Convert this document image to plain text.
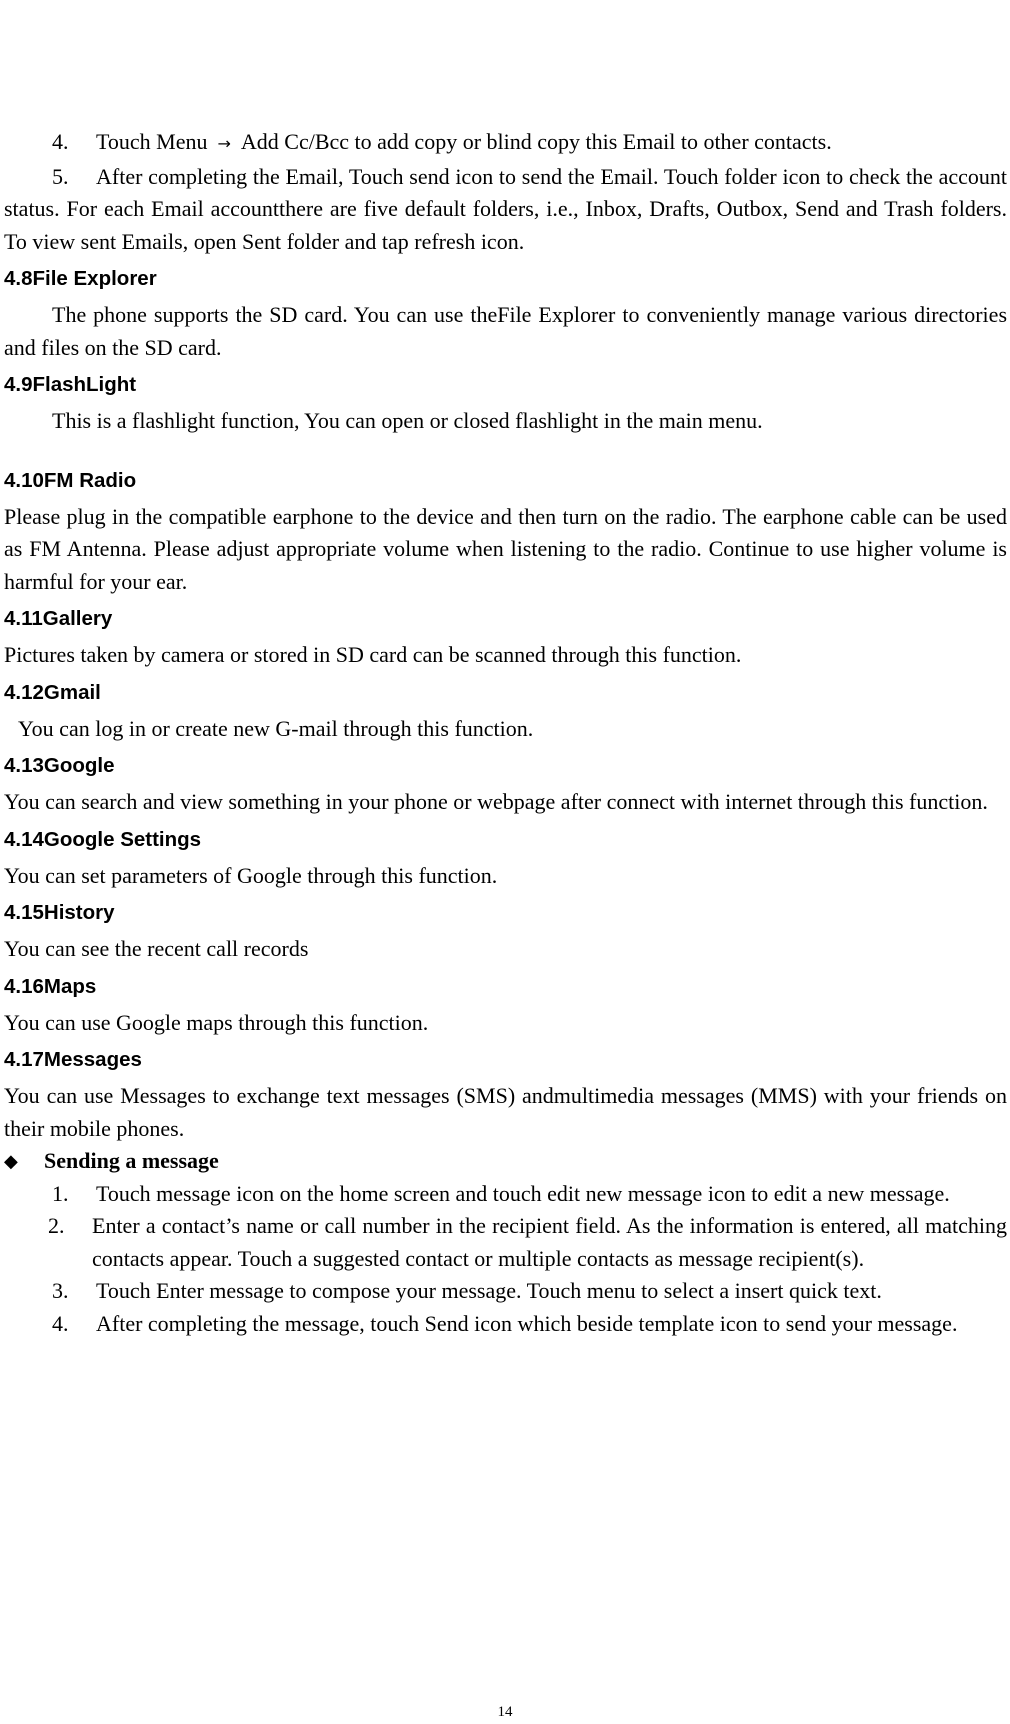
4. Touch Menu → Add Cc/Bcc to add copy or blind copy this Email to other contacts.

5. After completing the Email, Touch send icon to send the Email. Touch folder icon to check the account status. For each Email accountthere are five default folders, i.e., Inbox, Drafts, Outbox, Send and Trash folders. To view sent Emails, open Sent folder and tap refresh icon.

4.8File Explorer

The phone supports the SD card. You can use theFile Explorer to conveniently manage various directories and files on the SD card.

4.9FlashLight

This is a flashlight function, You can open or closed flashlight in the main menu.

4.10FM Radio

Please plug in the compatible earphone to the device and then turn on the radio. The earphone cable can be used as FM Antenna. Please adjust appropriate volume when listening to the radio. Continue to use higher volume is harmful for your ear.

4.11Gallery

Pictures taken by camera or stored in SD card can be scanned through this function.

4.12Gmail

You can log in or create new G-mail through this function.

4.13Google

You can search and view something in your phone or webpage after connect with internet through this function.

4.14Google Settings

You can set parameters of Google through this function.

4.15History

You can see the recent call records

4.16Maps

You can use Google maps through this function.

4.17Messages

You can use Messages to exchange text messages (SMS) andmultimedia messages (MMS) with your friends on their mobile phones.

◆ Sending a message

1. Touch message icon on the home screen and touch edit new message icon to edit a new message.

2. Enter a contact’s name or call number in the recipient field. As the information is entered, all matching contacts appear. Touch a suggested contact or multiple contacts as message recipient(s).

3. Touch Enter message to compose your message. Touch menu to select a insert quick text.

4. After completing the message, touch Send icon which beside template icon to send your message.

14
